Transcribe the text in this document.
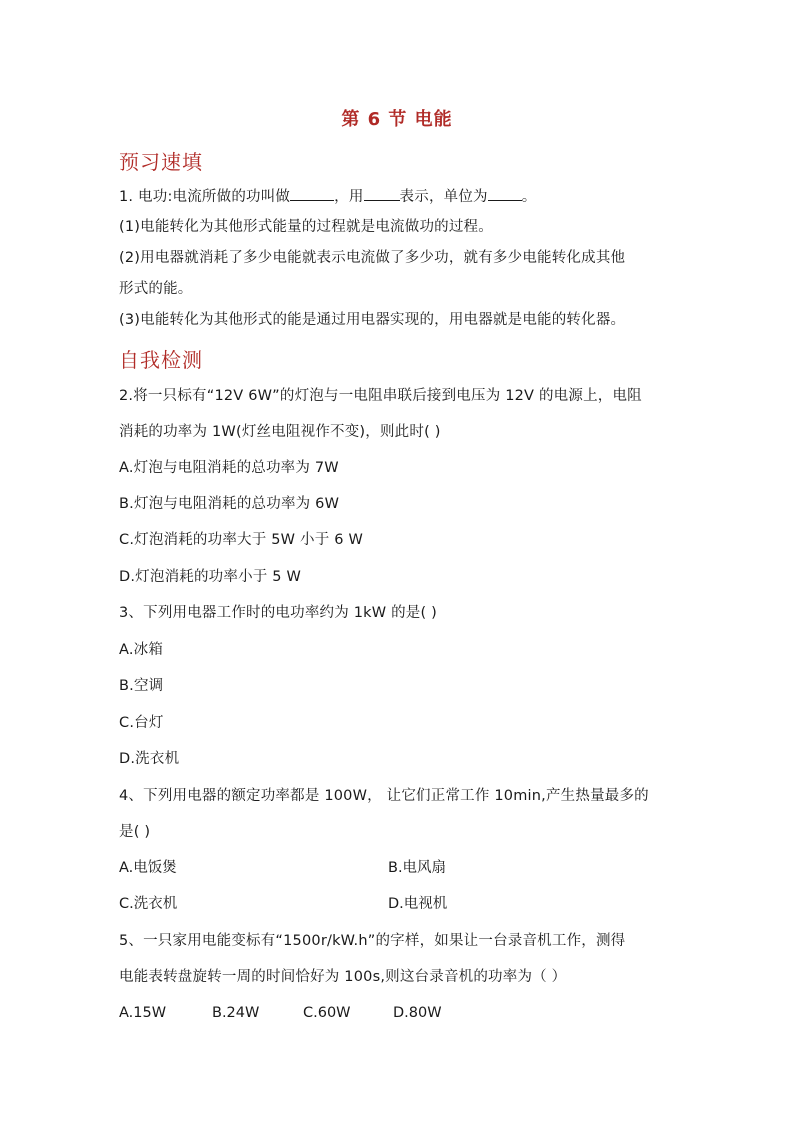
第 6 节 电能
预习速填
1. 电功:电流所做的功叫做	，用 表示，单位为 。
(1)电能转化为其他形式能量的过程就是电流做功的过程。
(2)用电器就消耗了多少电能就表示电流做了多少功，就有多少电能转化成其他
形式的能。
(3)电能转化为其他形式的能是通过用电器实现的，用电器就是电能的转化器。
自我检测
2.将一只标有“12V 6W”的灯泡与一电阻串联后接到电压为 12V 的电源上，电阻
消耗的功率为 1W(灯丝电阻视作不变)，则此时( )
A.灯泡与电阻消耗的总功率为 7W
B.灯泡与电阻消耗的总功率为 6W
C.灯泡消耗的功率大于 5W 小于 6 W
D.灯泡消耗的功率小于 5 W
3、下列用电器工作时的电功率约为 1kW 的是( )
A.冰箱
B.空调
C.台灯
D.洗衣机
4、下列用电器的额定功率都是 100W， 让它们正常工作 10min,产生热量最多的
是( )
A.电饭煲	B.电风扇
C.洗衣机	D.电视机
5、一只家用电能变标有“1500r/kW.h”的字样，如果让一台录音机工作，测得
电能表转盘旋转一周的时间恰好为 100s,则这台录音机的功率为（ ）
A.15W	B.24W	C.60W	D.80W
